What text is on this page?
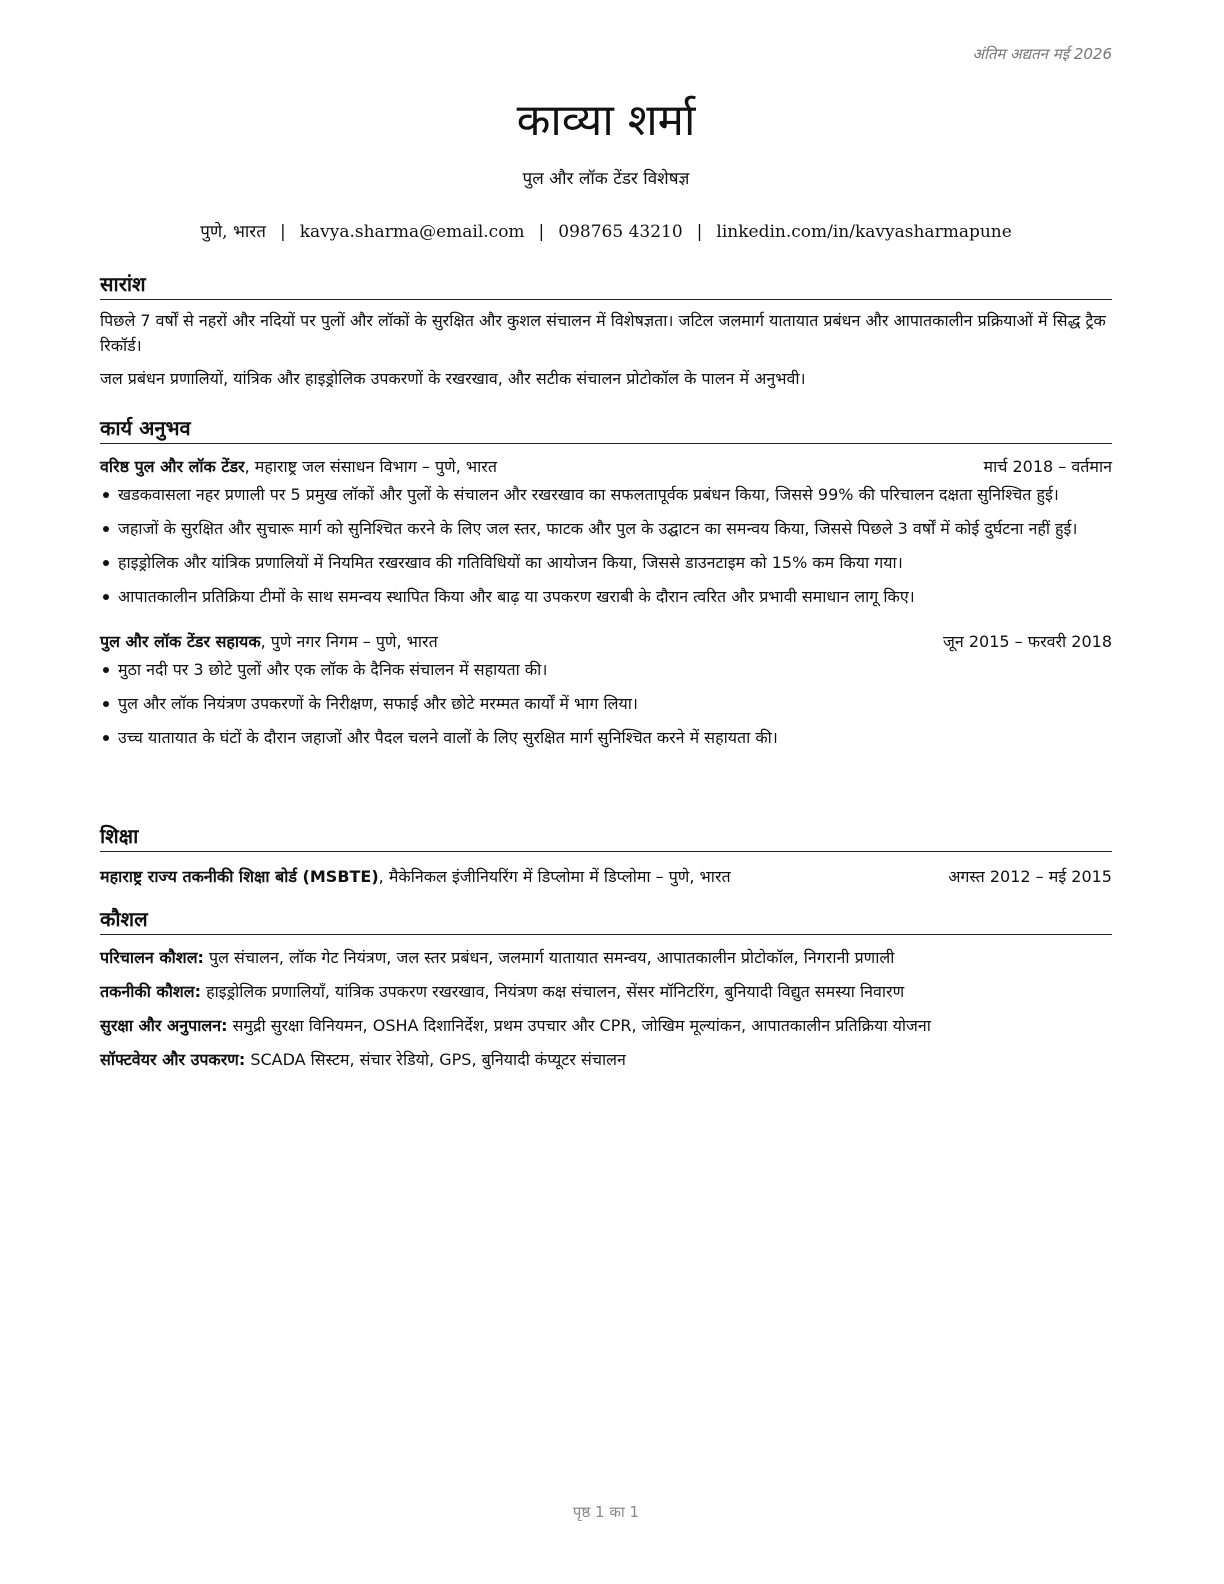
अंतिम अद्यतन मई 2026
काव्या शर्मा
पुल और लॉक टेंडर विशेषज्ञ
पुणे, भारत | kavya.sharma@email.com | 098765 43210 | linkedin.com/in/kavyasharmapune
सारांश

पिछले 7 वर्षों से नहरों और नदियों पर पुलों और लॉकों के सुरक्षित और कुशल संचालन में विशेषज्ञता। जटिल जलमार्ग यातायात प्रबंधन और आपातकालीन प्रक्रियाओं में सिद्ध ट्रैक रिकॉर्ड।

जल प्रबंधन प्रणालियों, यांत्रिक और हाइड्रोलिक उपकरणों के रखरखाव, और सटीक संचालन प्रोटोकॉल के पालन में अनुभवी।

कार्य अनुभव
वरिष्ठ पुल और लॉक टेंडर, महाराष्ट्र जल संसाधन विभाग – पुणे, भारत	मार्च 2018 – वर्तमान
खडकवासला नहर प्रणाली पर 5 प्रमुख लॉकों और पुलों के संचालन और रखरखाव का सफलतापूर्वक प्रबंधन किया, जिससे 99% की परिचालन दक्षता सुनिश्चित हुई।
जहाजों के सुरक्षित और सुचारू मार्ग को सुनिश्चित करने के लिए जल स्तर, फाटक और पुल के उद्घाटन का समन्वय किया, जिससे पिछले 3 वर्षों में कोई दुर्घटना नहीं हुई।
हाइड्रोलिक और यांत्रिक प्रणालियों में नियमित रखरखाव की गतिविधियों का आयोजन किया, जिससे डाउनटाइम को 15% कम किया गया।
आपातकालीन प्रतिक्रिया टीमों के साथ समन्वय स्थापित किया और बाढ़ या उपकरण खराबी के दौरान त्वरित और प्रभावी समाधान लागू किए।
पुल और लॉक टेंडर सहायक, पुणे नगर निगम – पुणे, भारत	जून 2015 – फरवरी 2018
मुठा नदी पर 3 छोटे पुलों और एक लॉक के दैनिक संचालन में सहायता की।
पुल और लॉक नियंत्रण उपकरणों के निरीक्षण, सफाई और छोटे मरम्मत कार्यों में भाग लिया।
उच्च यातायात के घंटों के दौरान जहाजों और पैदल चलने वालों के लिए सुरक्षित मार्ग सुनिश्चित करने में सहायता की।
शिक्षा
महाराष्ट्र राज्य तकनीकी शिक्षा बोर्ड (MSBTE), मैकेनिकल इंजीनियरिंग में डिप्लोमा में डिप्लोमा – पुणे, भारत	अगस्त 2012 – मई 2015
कौशल

परिचालन कौशल: पुल संचालन, लॉक गेट नियंत्रण, जल स्तर प्रबंधन, जलमार्ग यातायात समन्वय, आपातकालीन प्रोटोकॉल, निगरानी प्रणाली

तकनीकी कौशल: हाइड्रोलिक प्रणालियाँ, यांत्रिक उपकरण रखरखाव, नियंत्रण कक्ष संचालन, सेंसर मॉनिटरिंग, बुनियादी विद्युत समस्या निवारण

सुरक्षा और अनुपालन: समुद्री सुरक्षा विनियमन, OSHA दिशानिर्देश, प्रथम उपचार और CPR, जोखिम मूल्यांकन, आपातकालीन प्रतिक्रिया योजना

सॉफ्टवेयर और उपकरण: SCADA सिस्टम, संचार रेडियो, GPS, बुनियादी कंप्यूटर संचालन

पृष्ठ 1 का 1
